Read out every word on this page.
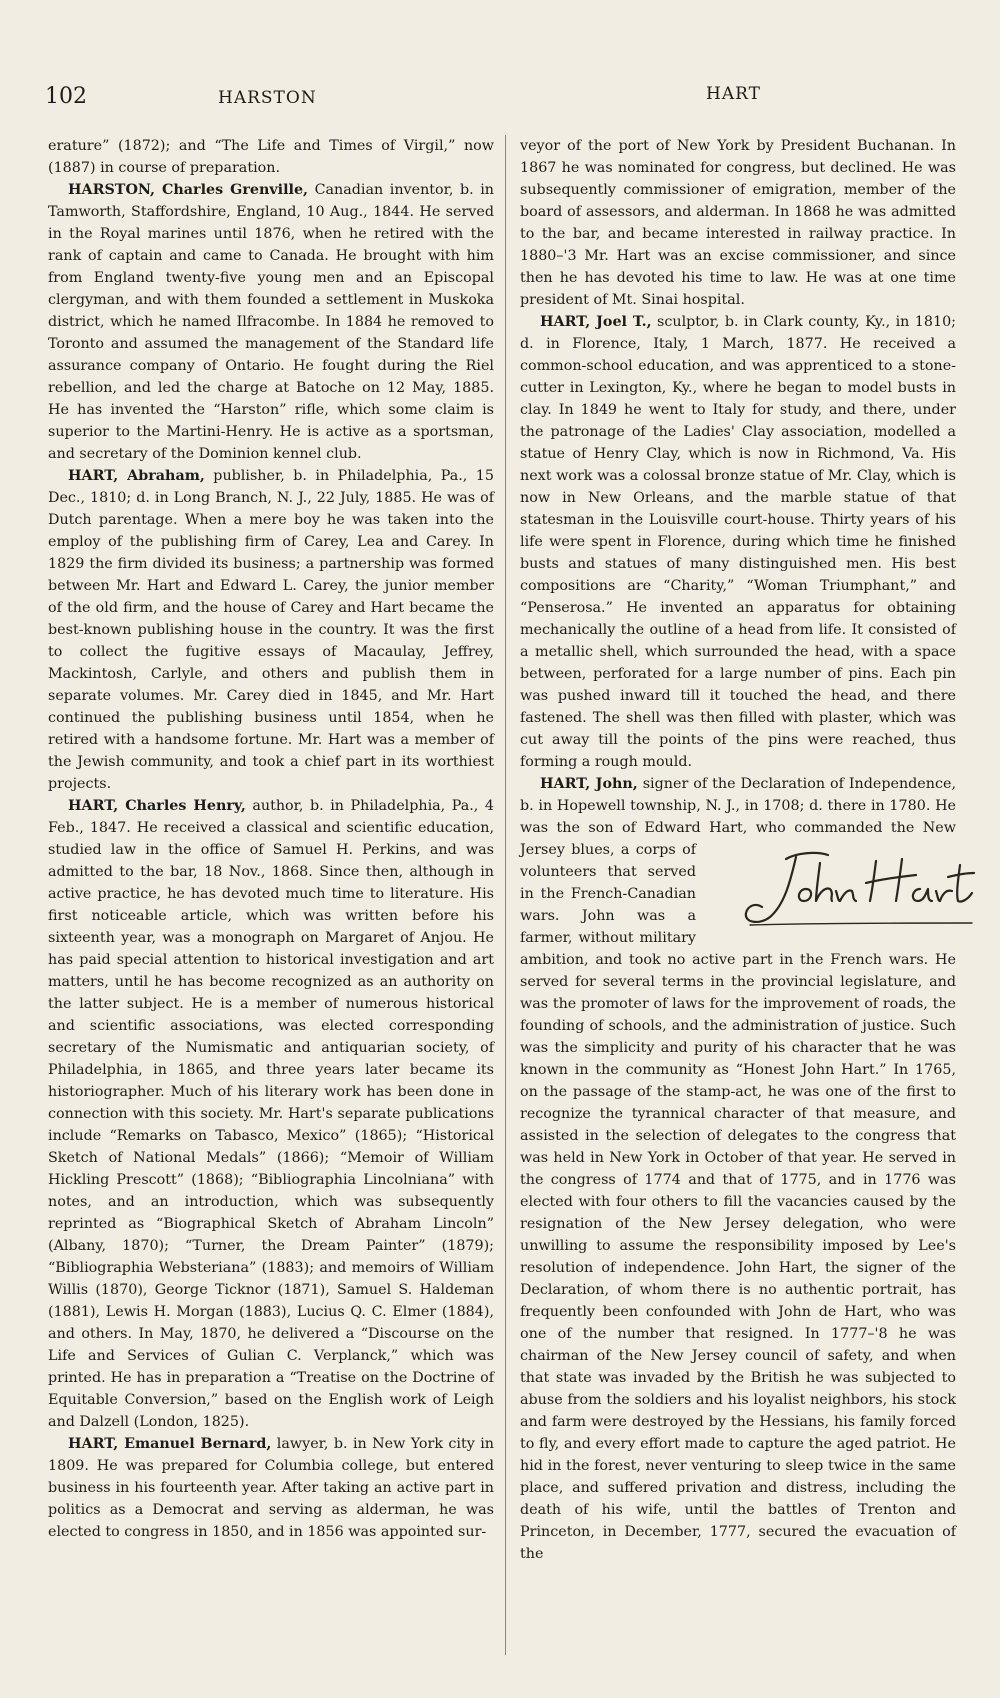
102	HARSTON	HART

erature” (1872); and “The Life and Times of Virgil,” now (1887) in course of preparation.

HARSTON, Charles Grenville, Canadian inventor, b. in Tamworth, Staffordshire, England, 10 Aug., 1844. He served in the Royal marines until 1876, when he retired with the rank of captain and came to Canada. He brought with him from England twenty-five young men and an Episcopal clergyman, and with them founded a settlement in Muskoka district, which he named Ilfracombe. In 1884 he removed to Toronto and assumed the management of the Standard life assurance company of Ontario. He fought during the Riel rebellion, and led the charge at Batoche on 12 May, 1885. He has invented the “Harston” rifle, which some claim is superior to the Martini-Henry. He is active as a sportsman, and secretary of the Dominion kennel club.

HART, Abraham, publisher, b. in Philadelphia, Pa., 15 Dec., 1810; d. in Long Branch, N. J., 22 July, 1885. He was of Dutch parentage. When a mere boy he was taken into the employ of the publishing firm of Carey, Lea and Carey. In 1829 the firm divided its business; a partnership was formed between Mr. Hart and Edward L. Carey, the junior member of the old firm, and the house of Carey and Hart became the best-known publishing house in the country. It was the first to collect the fugitive essays of Macaulay, Jeffrey, Mackintosh, Carlyle, and others and publish them in separate volumes. Mr. Carey died in 1845, and Mr. Hart continued the publishing business until 1854, when he retired with a handsome fortune. Mr. Hart was a member of the Jewish community, and took a chief part in its worthiest projects.

HART, Charles Henry, author, b. in Philadelphia, Pa., 4 Feb., 1847. He received a classical and scientific education, studied law in the office of Samuel H. Perkins, and was admitted to the bar, 18 Nov., 1868. Since then, although in active practice, he has devoted much time to literature. His first noticeable article, which was written before his sixteenth year, was a monograph on Margaret of Anjou. He has paid special attention to historical investigation and art matters, until he has become recognized as an authority on the latter subject. He is a member of numerous historical and scientific associations, was elected corresponding secretary of the Numismatic and antiquarian society, of Philadelphia, in 1865, and three years later became its historiographer. Much of his literary work has been done in connection with this society. Mr. Hart's separate publications include “Remarks on Tabasco, Mexico” (1865); “Historical Sketch of National Medals” (1866); “Memoir of William Hickling Prescott” (1868); “Bibliographia Lincolniana” with notes, and an introduction, which was subsequently reprinted as “Biographical Sketch of Abraham Lincoln” (Albany, 1870); “Turner, the Dream Painter” (1879); “Bibliographia Websteriana” (1883); and memoirs of William Willis (1870), George Ticknor (1871), Samuel S. Haldeman (1881), Lewis H. Morgan (1883), Lucius Q. C. Elmer (1884), and others. In May, 1870, he delivered a “Discourse on the Life and Services of Gulian C. Verplanck,” which was printed. He has in preparation a “Treatise on the Doctrine of Equitable Conversion,” based on the English work of Leigh and Dalzell (London, 1825).

HART, Emanuel Bernard, lawyer, b. in New York city in 1809. He was prepared for Columbia college, but entered business in his fourteenth year. After taking an active part in politics as a Democrat and serving as alderman, he was elected to congress in 1850, and in 1856 was appointed sur-

veyor of the port of New York by President Buchanan. In 1867 he was nominated for congress, but declined. He was subsequently commissioner of emigration, member of the board of assessors, and alderman. In 1868 he was admitted to the bar, and became interested in railway practice. In 1880–'3 Mr. Hart was an excise commissioner, and since then he has devoted his time to law. He was at one time president of Mt. Sinai hospital.

HART, Joel T., sculptor, b. in Clark county, Ky., in 1810; d. in Florence, Italy, 1 March, 1877. He received a common-school education, and was apprenticed to a stone-cutter in Lexington, Ky., where he began to model busts in clay. In 1849 he went to Italy for study, and there, under the patronage of the Ladies' Clay association, modelled a statue of Henry Clay, which is now in Richmond, Va. His next work was a colossal bronze statue of Mr. Clay, which is now in New Orleans, and the marble statue of that statesman in the Louisville court-house. Thirty years of his life were spent in Florence, during which time he finished busts and statues of many distinguished men. His best compositions are “Charity,” “Woman Triumphant,” and “Penserosa.” He invented an apparatus for obtaining mechanically the outline of a head from life. It consisted of a metallic shell, which surrounded the head, with a space between, perforated for a large number of pins. Each pin was pushed inward till it touched the head, and there fastened. The shell was then filled with plaster, which was cut away till the points of the pins were reached, thus forming a rough mould.

HART, John, signer of the Declaration of Independence, b. in Hopewell township, N. J., in 1708; d. there in 1780. He was the son of Edward Hart, who commanded the New Jersey blues,
a corps of volunteers that served in the French-Canadian wars. John was a farmer, without military ambition, and took no active part in the French wars. He served for several terms in the provincial legislature, and was the promoter of laws for the improvement of roads, the founding of schools, and the administration of justice. Such was the simplicity and purity of his character that he was known in the community as “Honest John Hart.” In 1765, on the passage of the stamp-act, he was one of the first to recognize the tyrannical character of that measure, and assisted in the selection of delegates to the congress that was held in New York in October of that year. He served in the congress of 1774 and that of 1775, and in 1776 was elected with four others to fill the vacancies caused by the resignation of the New Jersey delegation, who were unwilling to assume the responsibility imposed by Lee's resolution of independence. John Hart, the signer of the Declaration, of whom there is no authentic portrait, has frequently been confounded with John de Hart, who was one of the number that resigned. In 1777–'8 he was chairman of the New Jersey council of safety, and when that state was invaded by the British he was subjected to abuse from the soldiers and his loyalist neighbors, his stock and farm were destroyed by the Hessians, his family forced to fly, and every effort made to capture the aged patriot. He hid in the forest, never venturing to sleep twice in the same place, and suffered privation and distress, including the death of his wife, until the battles of Trenton and Princeton, in December, 1777, secured the evacuation of the
